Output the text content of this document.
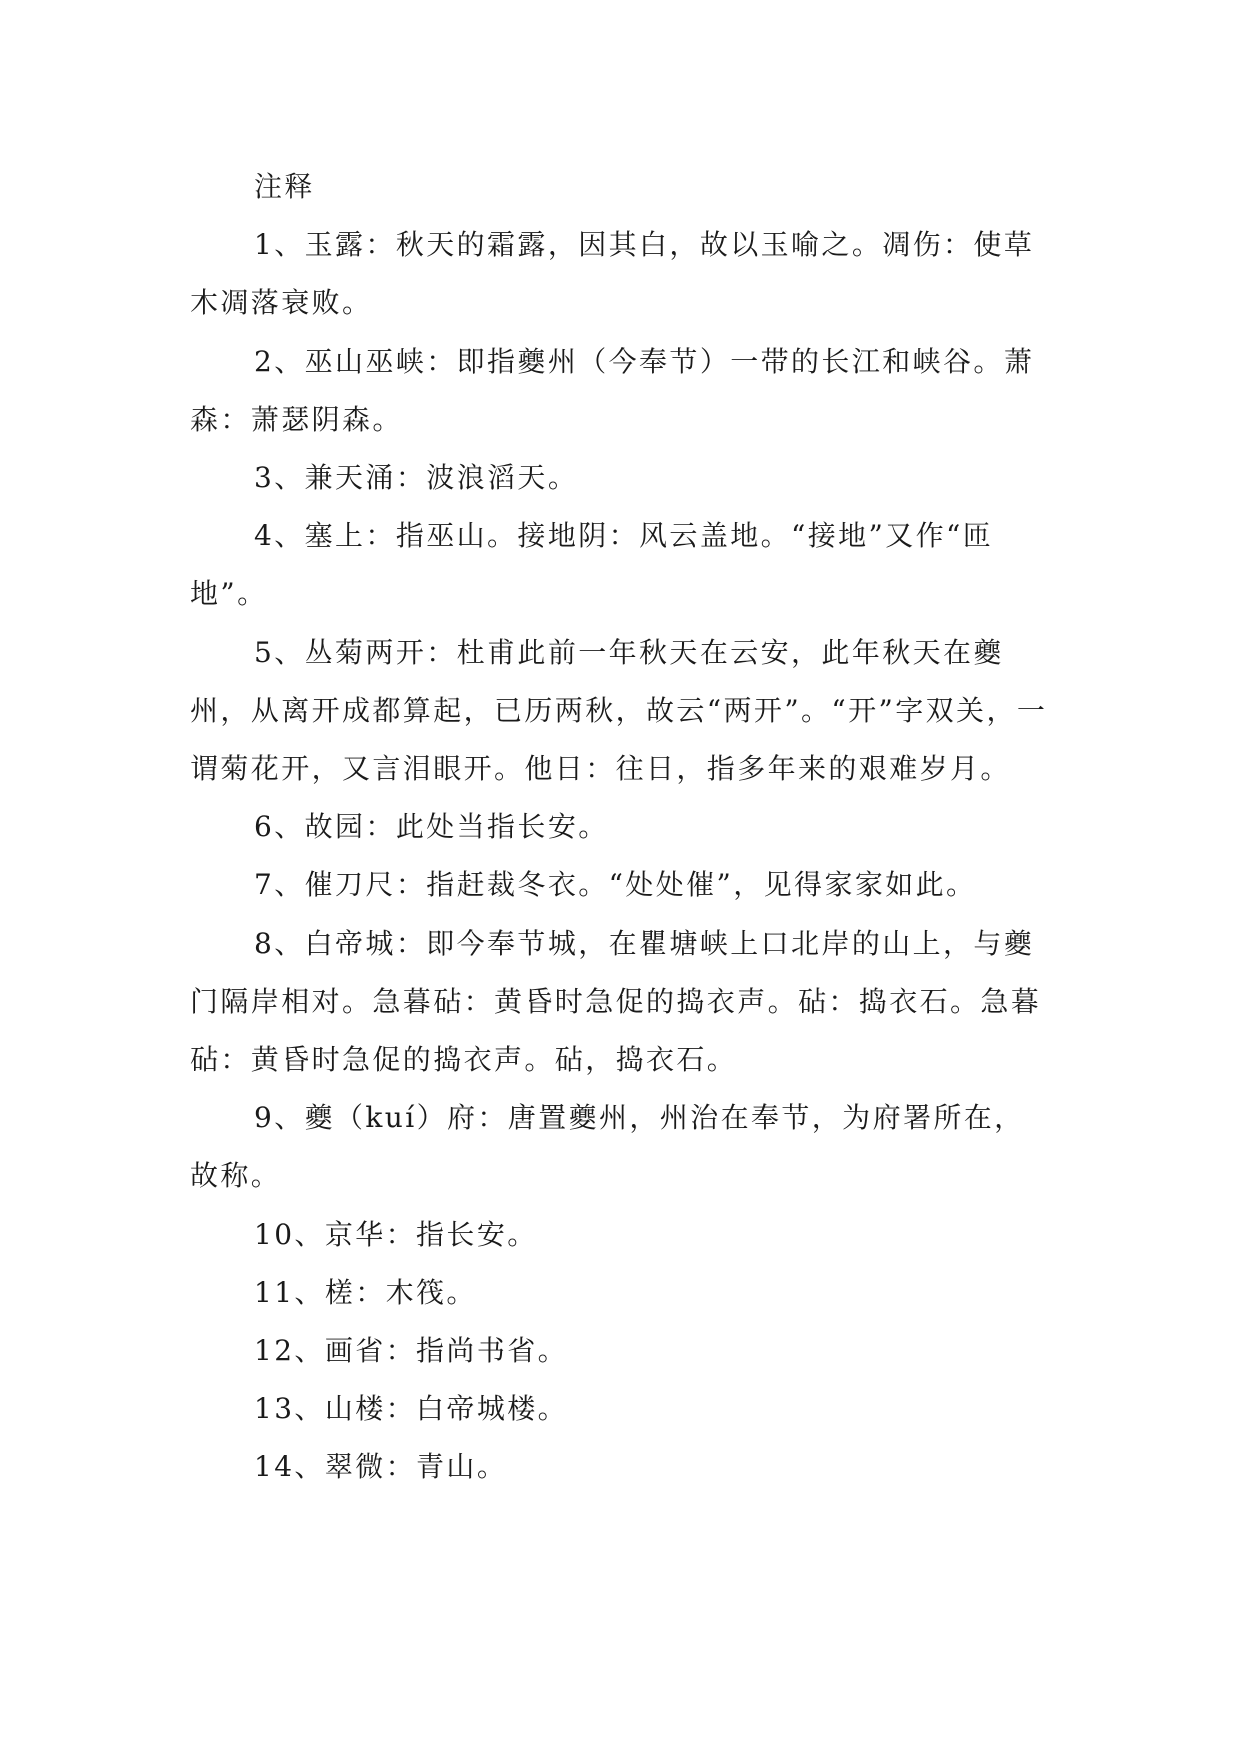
注释

1、玉露：秋天的霜露，因其白，故以玉喻之。凋伤：使草木凋落衰败。

2、巫山巫峡：即指夔州（今奉节）一带的长江和峡谷。萧森：萧瑟阴森。

3、兼天涌：波浪滔天。

4、塞上：指巫山。接地阴：风云盖地。“接地”又作“匝地”。

5、丛菊两开：杜甫此前一年秋天在云安，此年秋天在夔州，从离开成都算起，已历两秋，故云“两开”。“开”字双关，一谓菊花开，又言泪眼开。他日：往日，指多年来的艰难岁月。

6、故园：此处当指长安。

7、催刀尺：指赶裁冬衣。“处处催”，见得家家如此。

8、白帝城：即今奉节城，在瞿塘峡上口北岸的山上，与夔门隔岸相对。急暮砧：黄昏时急促的捣衣声。砧：捣衣石。急暮砧：黄昏时急促的捣衣声。砧，捣衣石。

9、夔（kuí）府：唐置夔州，州治在奉节，为府署所在，故称。

10、京华：指长安。

11、槎：木筏。

12、画省：指尚书省。

13、山楼：白帝城楼。

14、翠微：青山。
